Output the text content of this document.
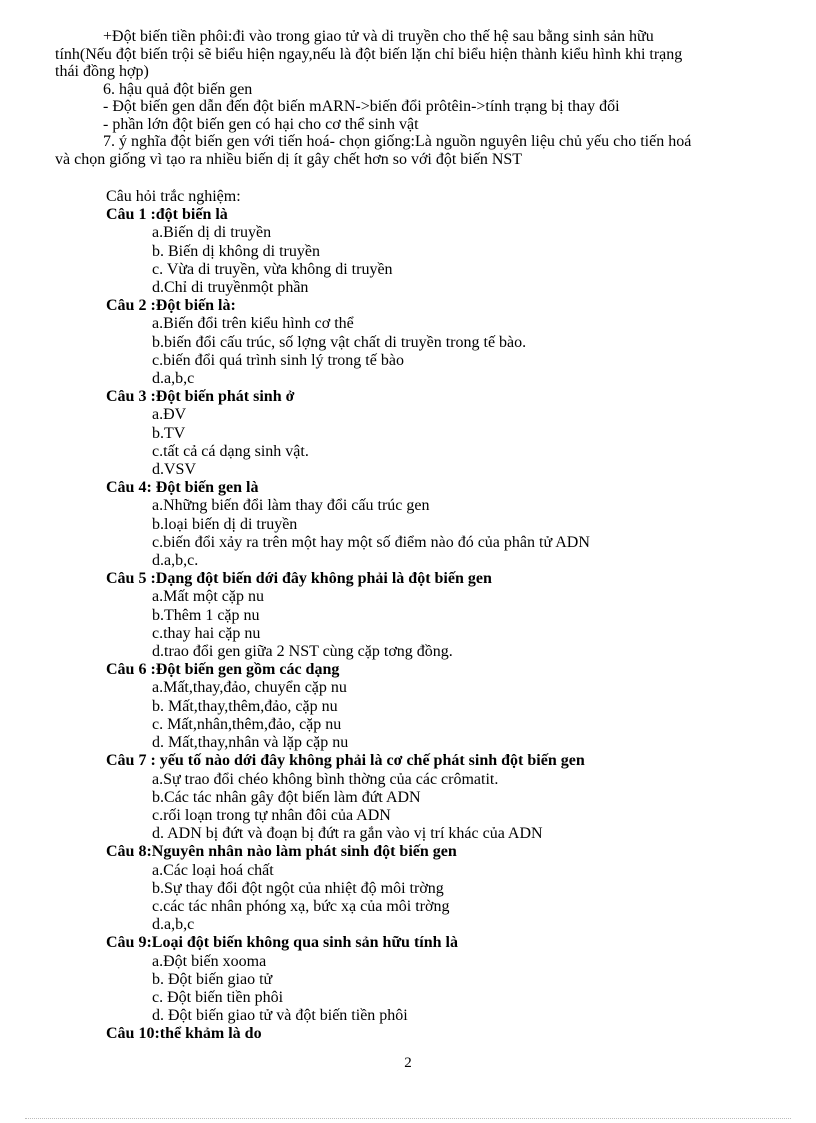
+Đột biến tiền phôi:đi vào trong giao tử và di truyền cho thế hệ sau bằng sinh sản hữu

tính(Nếu đột biến trội sẽ biểu hiện ngay,nếu là đột biến lặn chỉ biểu hiện thành kiểu hình khi trạng

thái đồng hợp)

6. hậu quả đột biến gen

- Đột biến gen dẫn đến đột biến mARN->biến đổi prôtêin->tính trạng bị thay đổi

- phần lớn đột biến gen có hại cho cơ thể sinh vật

7. ý nghĩa đột biến gen với tiến hoá- chọn giống:Là nguồn nguyên liệu chủ yếu cho tiến hoá

và chọn giống vì tạo ra nhiều biến dị ít gây chết hơn so với đột biến NST

Câu hỏi trắc nghiệm:

Câu 1 :đột biến là
a.Biến dị di truyền
b. Biến dị không di truyền
c. Vừa di truyền, vừa không di truyền
d.Chỉ di truyềnmột phần
Câu 2 :Đột biến là:
a.Biến đổi trên kiểu hình cơ thể
b.biến đổi cấu trúc, số lợng vật chất di truyền trong tế bào.
c.biến đổi quá trình sinh lý trong tế bào
d.a,b,c
Câu 3 :Đột biến phát sinh ở
a.ĐV
b.TV
c.tất cả cá dạng sinh vật.
d.VSV
Câu 4: Đột biến gen là
a.Những biến đổi làm thay đổi cấu trúc gen
b.loại biến dị di truyền
c.biến đổi xảy ra trên một hay một số điểm nào đó của phân tử ADN
d.a,b,c.
Câu 5 :Dạng đột biến dới đây không phải là đột biến gen
a.Mất một cặp nu
b.Thêm 1 cặp nu
c.thay hai cặp nu
d.trao đổi gen giữa 2 NST cùng cặp tơng đồng.
Câu 6 :Đột biến gen gồm các dạng
a.Mất,thay,đảo, chuyển cặp nu
b. Mất,thay,thêm,đảo, cặp nu
c. Mất,nhân,thêm,đảo, cặp nu
d. Mất,thay,nhân và lặp cặp nu
Câu 7 : yếu tố nào dới đây không phải là cơ chế phát sinh đột biến gen
a.Sự trao đổi chéo không bình thờng của các crômatit.
b.Các tác nhân gây đột biến làm đứt ADN
c.rối loạn trong tự nhân đôi của ADN
d. ADN bị đứt và đoạn bị đứt ra gắn vào vị trí khác của ADN
Câu 8:Nguyên nhân nào làm phát sinh đột biến gen
a.Các loại hoá chất
b.Sự thay đổi đột ngột của nhiệt độ môi trờng
c.các tác nhân phóng xạ, bức xạ của môi trờng
d.a,b,c
Câu 9:Loại đột biến không qua sinh sản hữu tính là
a.Đột biến xooma
b. Đột biến giao tử
c. Đột biến tiền phôi
d. Đột biến giao tử và đột biến tiền phôi
Câu 10:thể khảm là do
2
